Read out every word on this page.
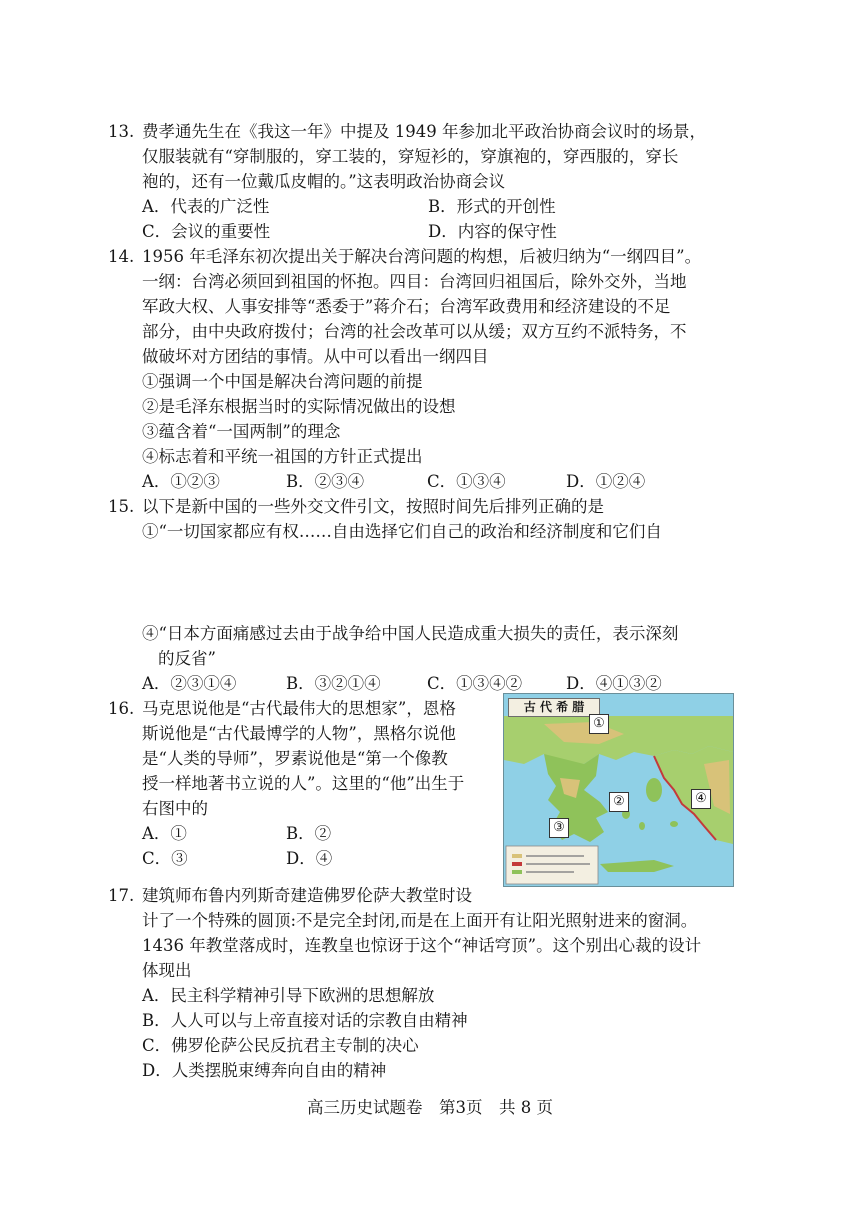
13. 费孝通先生在《我这一年》中提及 1949 年参加北平政治协商会议时的场景，
仅服装就有“穿制服的，穿工装的，穿短衫的，穿旗袍的，穿西服的，穿长
袍的，还有一位戴瓜皮帽的。”这表明政治协商会议
A．代表的广泛性	B．形式的开创性
C．会议的重要性	D．内容的保守性
14. 1956 年毛泽东初次提出关于解决台湾问题的构想，后被归纳为“一纲四目”。
一纲：台湾必须回到祖国的怀抱。四目：台湾回归祖国后，除外交外，当地
军政大权、人事安排等“悉委于”蒋介石；台湾军政费用和经济建设的不足
部分，由中央政府拨付；台湾的社会改革可以从缓；双方互约不派特务，不
做破坏对方团结的事情。从中可以看出一纲四目
①强调一个中国是解决台湾问题的前提
②是毛泽东根据当时的实际情况做出的设想
③蕴含着“一国两制”的理念
④标志着和平统一祖国的方针正式提出
A．①②③	B．②③④	C．①③④	D．①②④
15. 以下是新中国的一些外交文件引文，按照时间先后排列正确的是
①“一切国家都应有权……自由选择它们自己的政治和经济制度和它们自
④“日本方面痛感过去由于战争给中国人民造成重大损失的责任，表示深刻
的反省”
A．②③①④	B．③②①④	C．①③④②	D．④①③②
16. 马克思说他是“古代最伟大的思想家”，恩格
斯说他是“古代最博学的人物”，黑格尔说他
是“人类的导师”，罗素说他是“第一个像教
授一样地著书立说的人”。这里的“他”出生于
右图中的
A．①	B．②
C．③	D．④
古 代 希 腊
①
②
③
④
17. 建筑师布鲁内列斯奇建造佛罗伦萨大教堂时设
计了一个特殊的圆顶:不是完全封闭,而是在上面开有让阳光照射进来的窗洞。
1436 年教堂落成时，连教皇也惊讶于这个“神话穹顶”。这个别出心裁的设计
体现出
A．民主科学精神引导下欧洲的思想解放
B．人人可以与上帝直接对话的宗教自由精神
C．佛罗伦萨公民反抗君主专制的决心
D．人类摆脱束缚奔向自由的精神
高三历史试题卷　第3页　共 8 页
